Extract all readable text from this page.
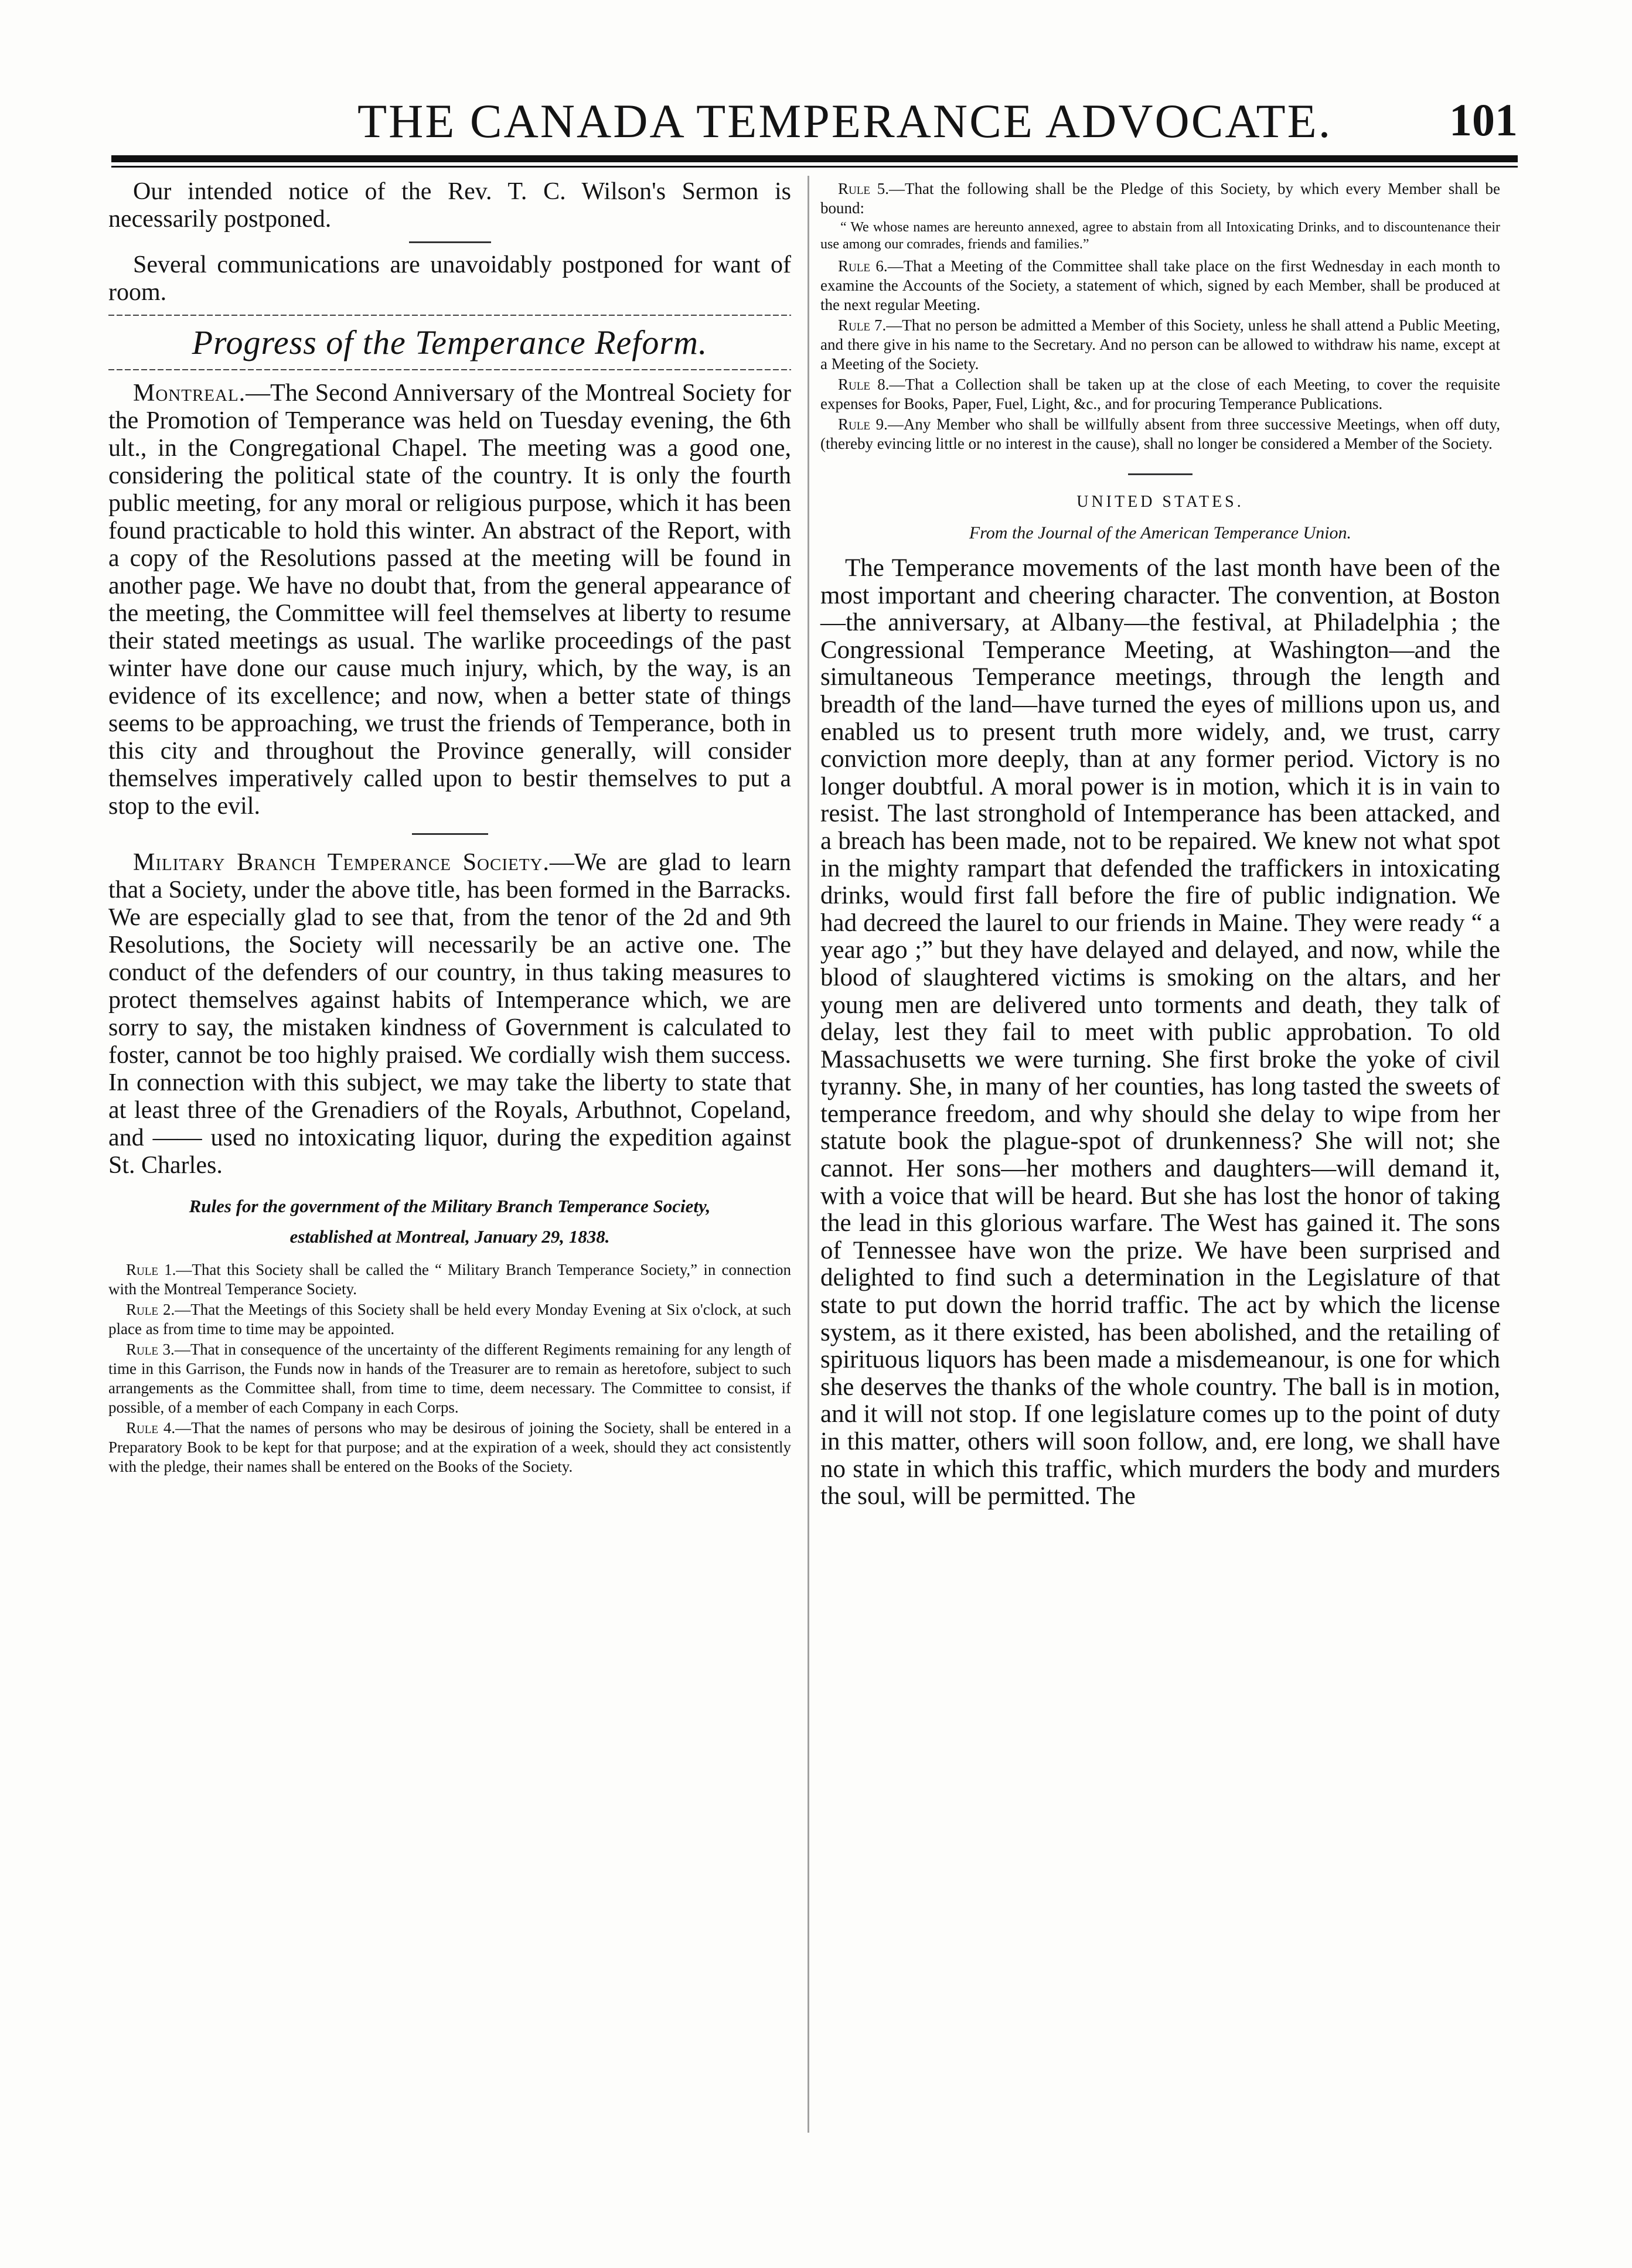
THE CANADA TEMPERANCE ADVOCATE.	101

Our intended notice of the Rev. T. C. Wilson's Sermon is necessarily postponed.

Several communications are unavoidably postponed for want of room.

Progress of the Temperance Reform.

Montreal.—The Second Anniversary of the Montreal Society for the Promotion of Temperance was held on Tuesday evening, the 6th ult., in the Congregational Chapel. The meeting was a good one, considering the political state of the country. It is only the fourth public meeting, for any moral or religious purpose, which it has been found practicable to hold this winter. An abstract of the Report, with a copy of the Resolutions passed at the meeting will be found in another page. We have no doubt that, from the general appearance of the meeting, the Committee will feel themselves at liberty to resume their stated meetings as usual. The warlike proceedings of the past winter have done our cause much injury, which, by the way, is an evidence of its excellence; and now, when a better state of things seems to be approaching, we trust the friends of Temperance, both in this city and throughout the Province generally, will consider themselves imperatively called upon to bestir themselves to put a stop to the evil.

Military Branch Temperance Society.—We are glad to learn that a Society, under the above title, has been formed in the Barracks. We are especially glad to see that, from the tenor of the 2d and 9th Resolutions, the Society will necessarily be an active one. The conduct of the defenders of our country, in thus taking measures to protect themselves against habits of Intemperance which, we are sorry to say, the mistaken kindness of Government is calculated to foster, cannot be too highly praised. We cordially wish them success. In connection with this subject, we may take the liberty to state that at least three of the Grenadiers of the Royals, Arbuthnot, Copeland, and —— used no intoxicating liquor, during the expedition against St. Charles.

Rules for the government of the Military Branch Temperance Society,
established at Montreal, January 29, 1838.

Rule 1.—That this Society shall be called the “ Military Branch Temperance Society,” in connection with the Montreal Temperance Society.

Rule 2.—That the Meetings of this Society shall be held every Monday Evening at Six o'clock, at such place as from time to time may be appointed.

Rule 3.—That in consequence of the uncertainty of the different Regiments remaining for any length of time in this Garrison, the Funds now in hands of the Treasurer are to remain as heretofore, subject to such arrangements as the Committee shall, from time to time, deem necessary. The Committee to consist, if possible, of a member of each Company in each Corps.

Rule 4.—That the names of persons who may be desirous of joining the Society, shall be entered in a Preparatory Book to be kept for that purpose; and at the expiration of a week, should they act consistently with the pledge, their names shall be entered on the Books of the Society.

Rule 5.—That the following shall be the Pledge of this Society, by which every Member shall be bound:

“ We whose names are hereunto annexed, agree to abstain from all Intoxicating Drinks, and to discountenance their use among our comrades, friends and families.”

Rule 6.—That a Meeting of the Committee shall take place on the first Wednesday in each month to examine the Accounts of the Society, a statement of which, signed by each Member, shall be produced at the next regular Meeting.

Rule 7.—That no person be admitted a Member of this Society, unless he shall attend a Public Meeting, and there give in his name to the Secretary. And no person can be allowed to withdraw his name, except at a Meeting of the Society.

Rule 8.—That a Collection shall be taken up at the close of each Meeting, to cover the requisite expenses for Books, Paper, Fuel, Light, &c., and for procuring Temperance Publications.

Rule 9.—Any Member who shall be willfully absent from three successive Meetings, when off duty, (thereby evincing little or no interest in the cause), shall no longer be considered a Member of the Society.

UNITED STATES.
From the Journal of the American Temperance Union.

The Temperance movements of the last month have been of the most important and cheering character. The convention, at Boston—the anniversary, at Albany—the festival, at Philadelphia ; the Congressional Temperance Meeting, at Washington—and the simultaneous Temperance meetings, through the length and breadth of the land—have turned the eyes of millions upon us, and enabled us to present truth more widely, and, we trust, carry conviction more deeply, than at any former period. Victory is no longer doubtful. A moral power is in motion, which it is in vain to resist. The last stronghold of Intemperance has been attacked, and a breach has been made, not to be repaired. We knew not what spot in the mighty rampart that defended the traffickers in intoxicating drinks, would first fall before the fire of public indignation. We had decreed the laurel to our friends in Maine. They were ready “ a year ago ;” but they have delayed and delayed, and now, while the blood of slaughtered victims is smoking on the altars, and her young men are delivered unto torments and death, they talk of delay, lest they fail to meet with public approbation. To old Massachusetts we were turning. She first broke the yoke of civil tyranny. She, in many of her counties, has long tasted the sweets of temperance freedom, and why should she delay to wipe from her statute book the plague-spot of drunkenness? She will not; she cannot. Her sons—her mothers and daughters—will demand it, with a voice that will be heard. But she has lost the honor of taking the lead in this glorious warfare. The West has gained it. The sons of Tennessee have won the prize. We have been surprised and delighted to find such a determination in the Legislature of that state to put down the horrid traffic. The act by which the license system, as it there existed, has been abolished, and the retailing of spirituous liquors has been made a misdemeanour, is one for which she deserves the thanks of the whole country. The ball is in motion, and it will not stop. If one legislature comes up to the point of duty in this matter, others will soon follow, and, ere long, we shall have no state in which this traffic, which murders the body and murders the soul, will be permitted. The
